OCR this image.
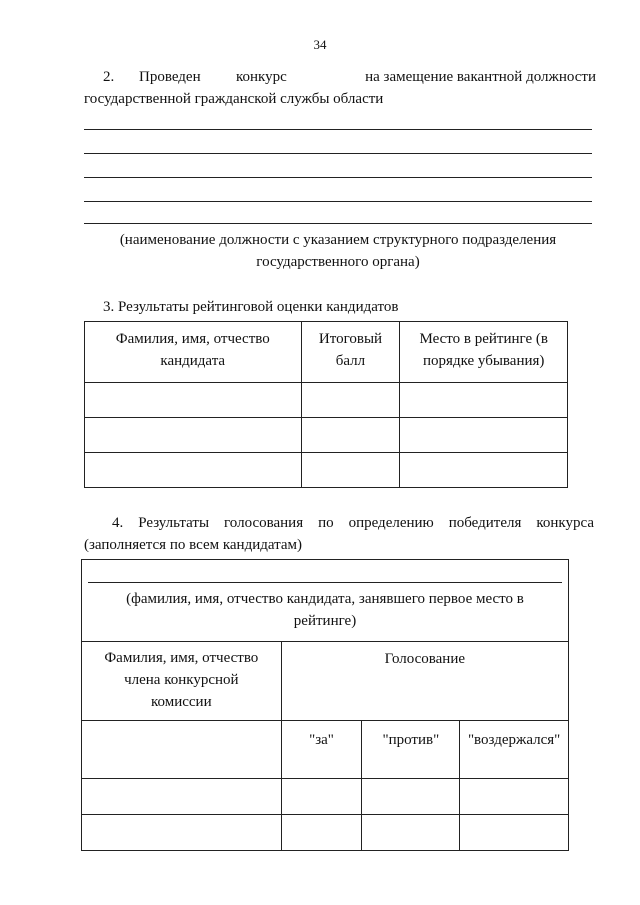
34
2. Проведен конкурс	на замещение вакантной должности
государственной гражданской службы области
(наименование должности с указанием структурного подразделения
государственного органа)
3. Результаты рейтинговой оценки кандидатов
Фамилия, имя, отчество кандидата	Итоговый балл	Место в рейтинге (в порядке убывания)

4. Результаты голосования по определению победителя конкурса
(заполняется по всем кандидатам)
(фамилия, имя, отчество кандидата, занявшего первое место в рейтинге)			

Фамилия, имя, отчество члена конкурсной комиссии	Голосование		
	"за"	"против"	"воздержался"
